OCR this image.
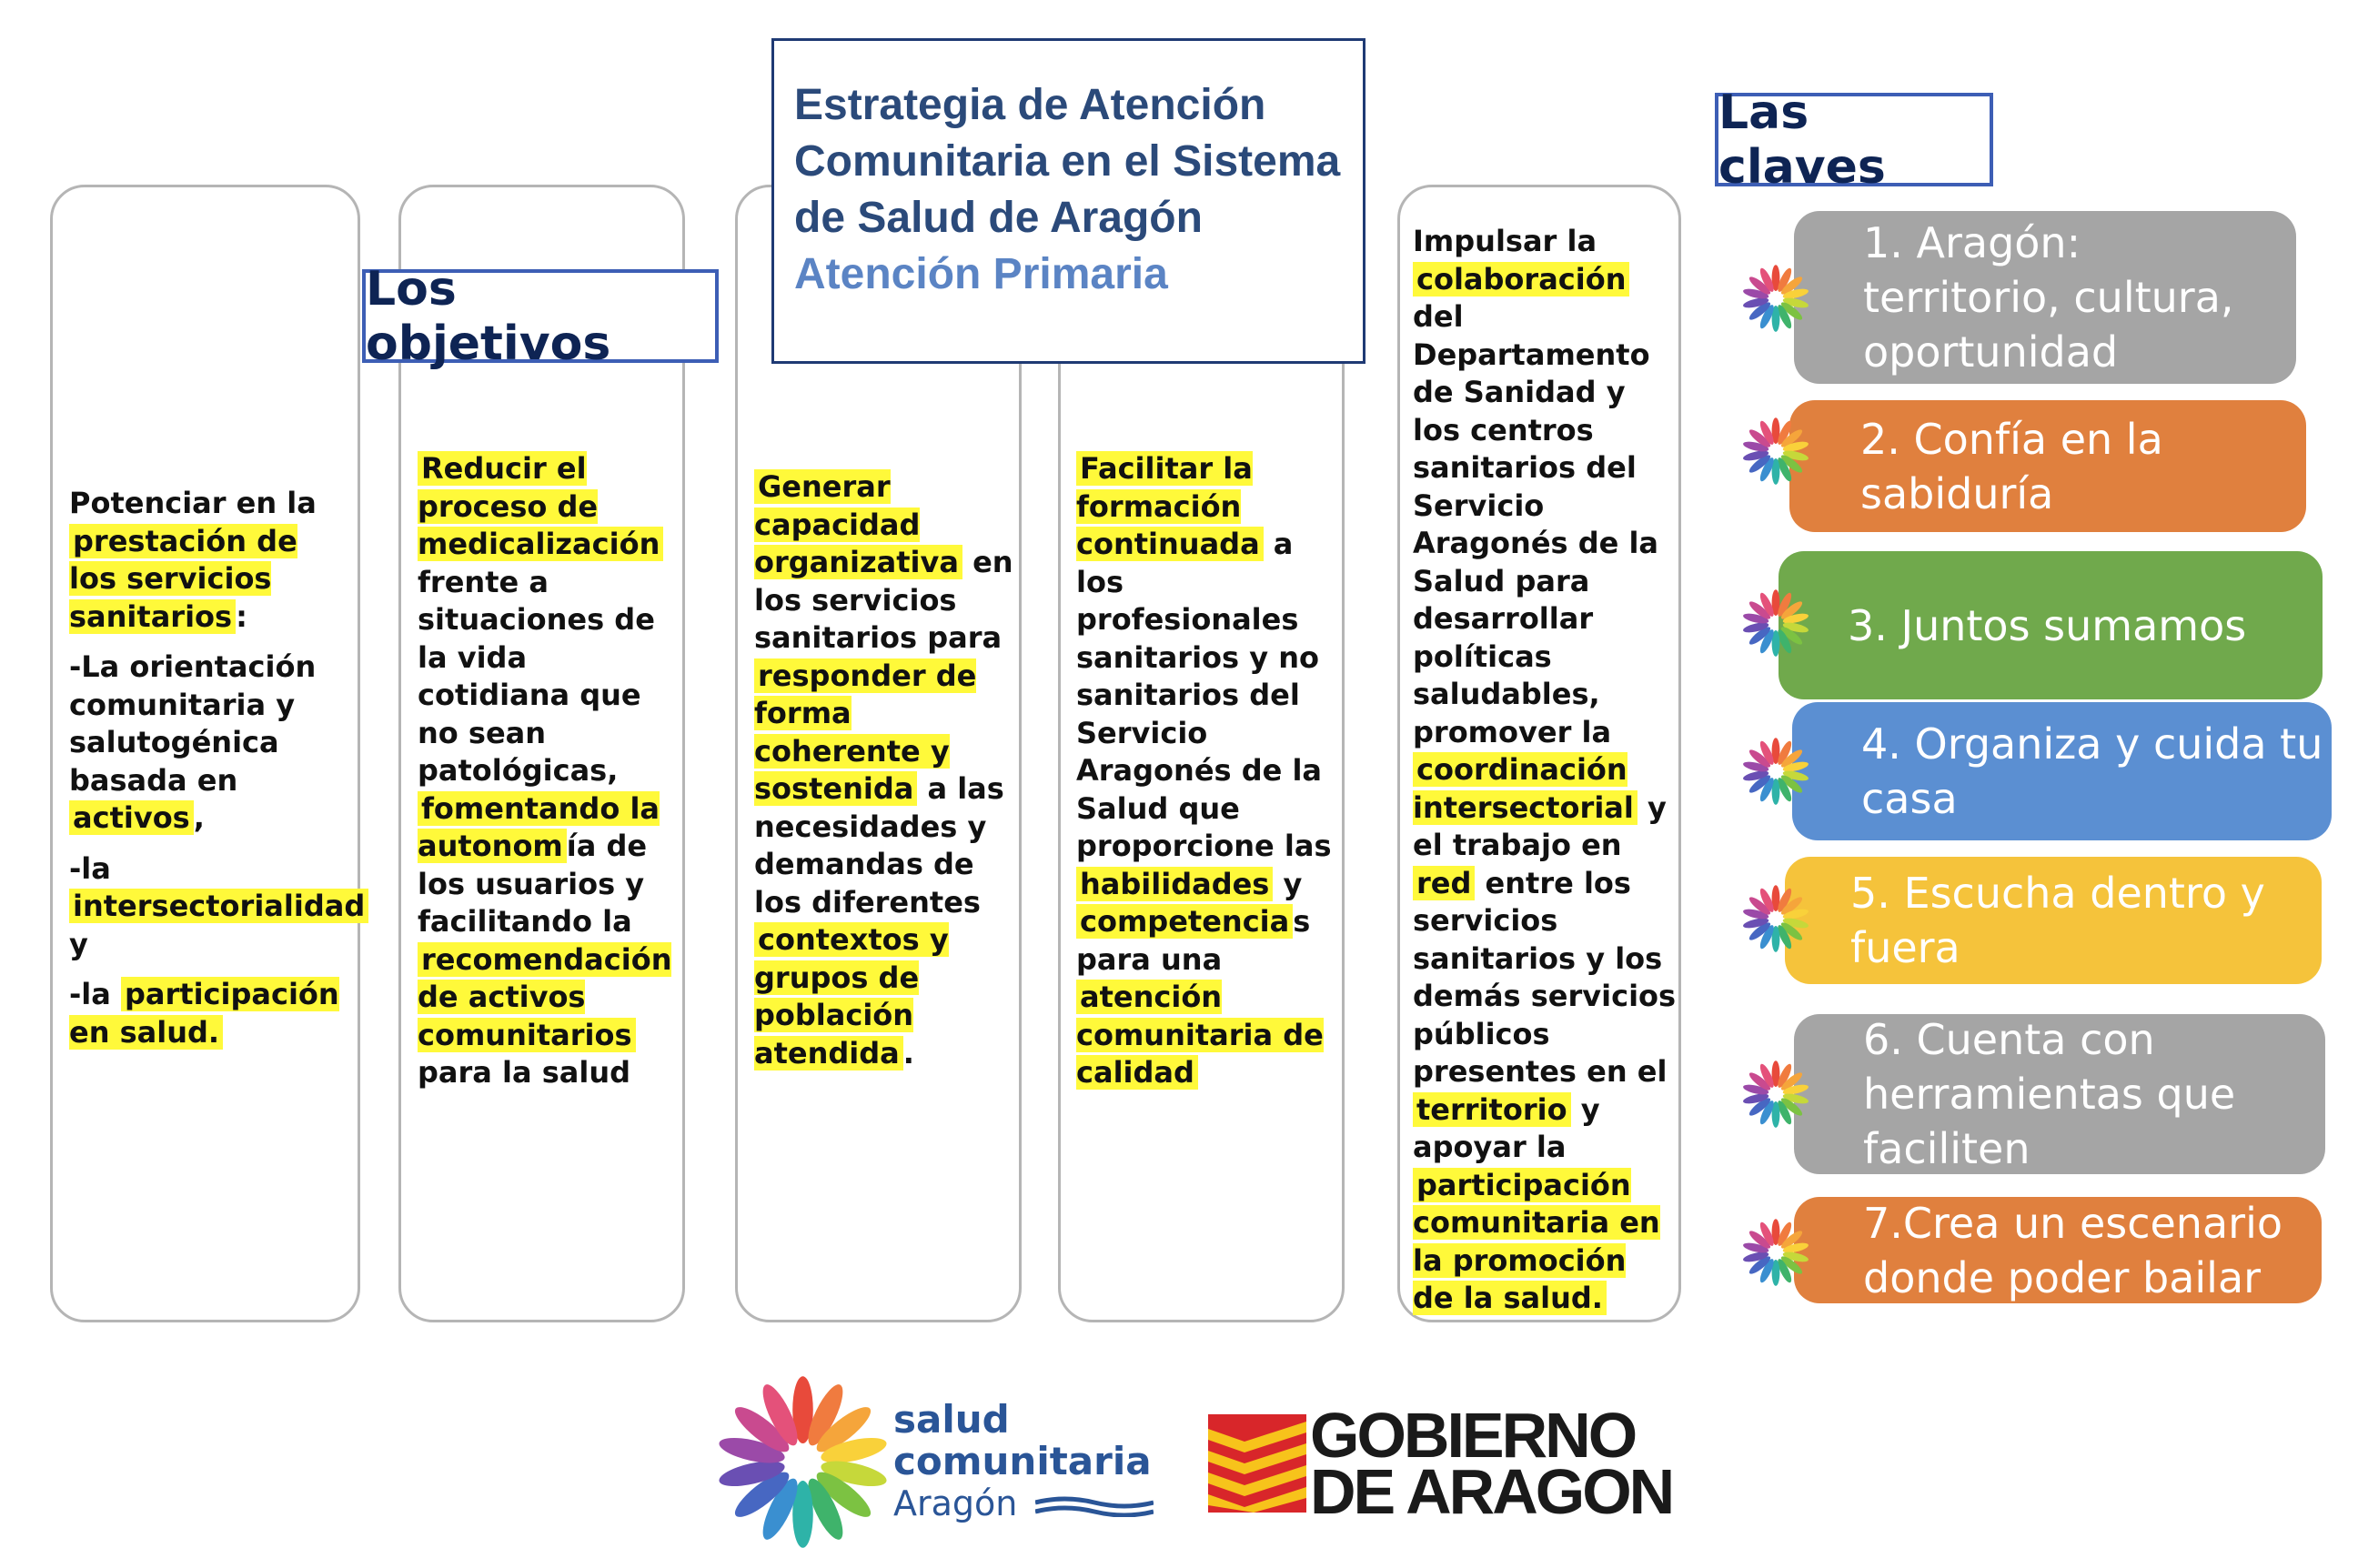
Potenciar en la prestación de los servicios sanitarios :

-La orientación comunitaria y salutogénica basada en activos ,

-la intersectorialidad y

-la participación en salud.

Reducir el proceso de medicalización frente a situaciones de la vida cotidiana que no sean patológicas, fomentando la autonom ía de los usuarios y facilitando la recomendación de activos comunitarios para la salud

Generar capacidad organizativa en los servicios sanitarios para responder de forma coherente y sostenida a las necesidades y demandas de los diferentes contextos y grupos de población atendida .

Facilitar la formación continuada a los profesionales sanitarios y no sanitarios del Servicio Aragonés de la Salud que proporcione las habilidades y competencia s para una atención comunitaria de calidad

Impulsar la colaboración del Departamento de Sanidad y los centros sanitarios del Servicio Aragonés de la Salud para desarrollar políticas saludables, promover la coordinación intersectorial y el trabajo en red entre los servicios sanitarios y los demás servicios públicos presentes en el territorio y apoyar la participación comunitaria en la promoción de la salud.

Estrategia de Atención
Comunitaria en el Sistema
de Salud de Aragón
Atención Primaria
Los objetivos
Las claves
1. Aragón:
territorio, cultura,
oportunidad
2. Confía en la
sabiduría
3. Juntos sumamos
4. Organiza y cuida tu
casa
5. Escucha dentro y
fuera
6. Cuenta con
herramientas que
faciliten
7.Crea un escenario
donde poder bailar
salud
comunitaria
Aragón
GOBIERNO
DE ARAGON
